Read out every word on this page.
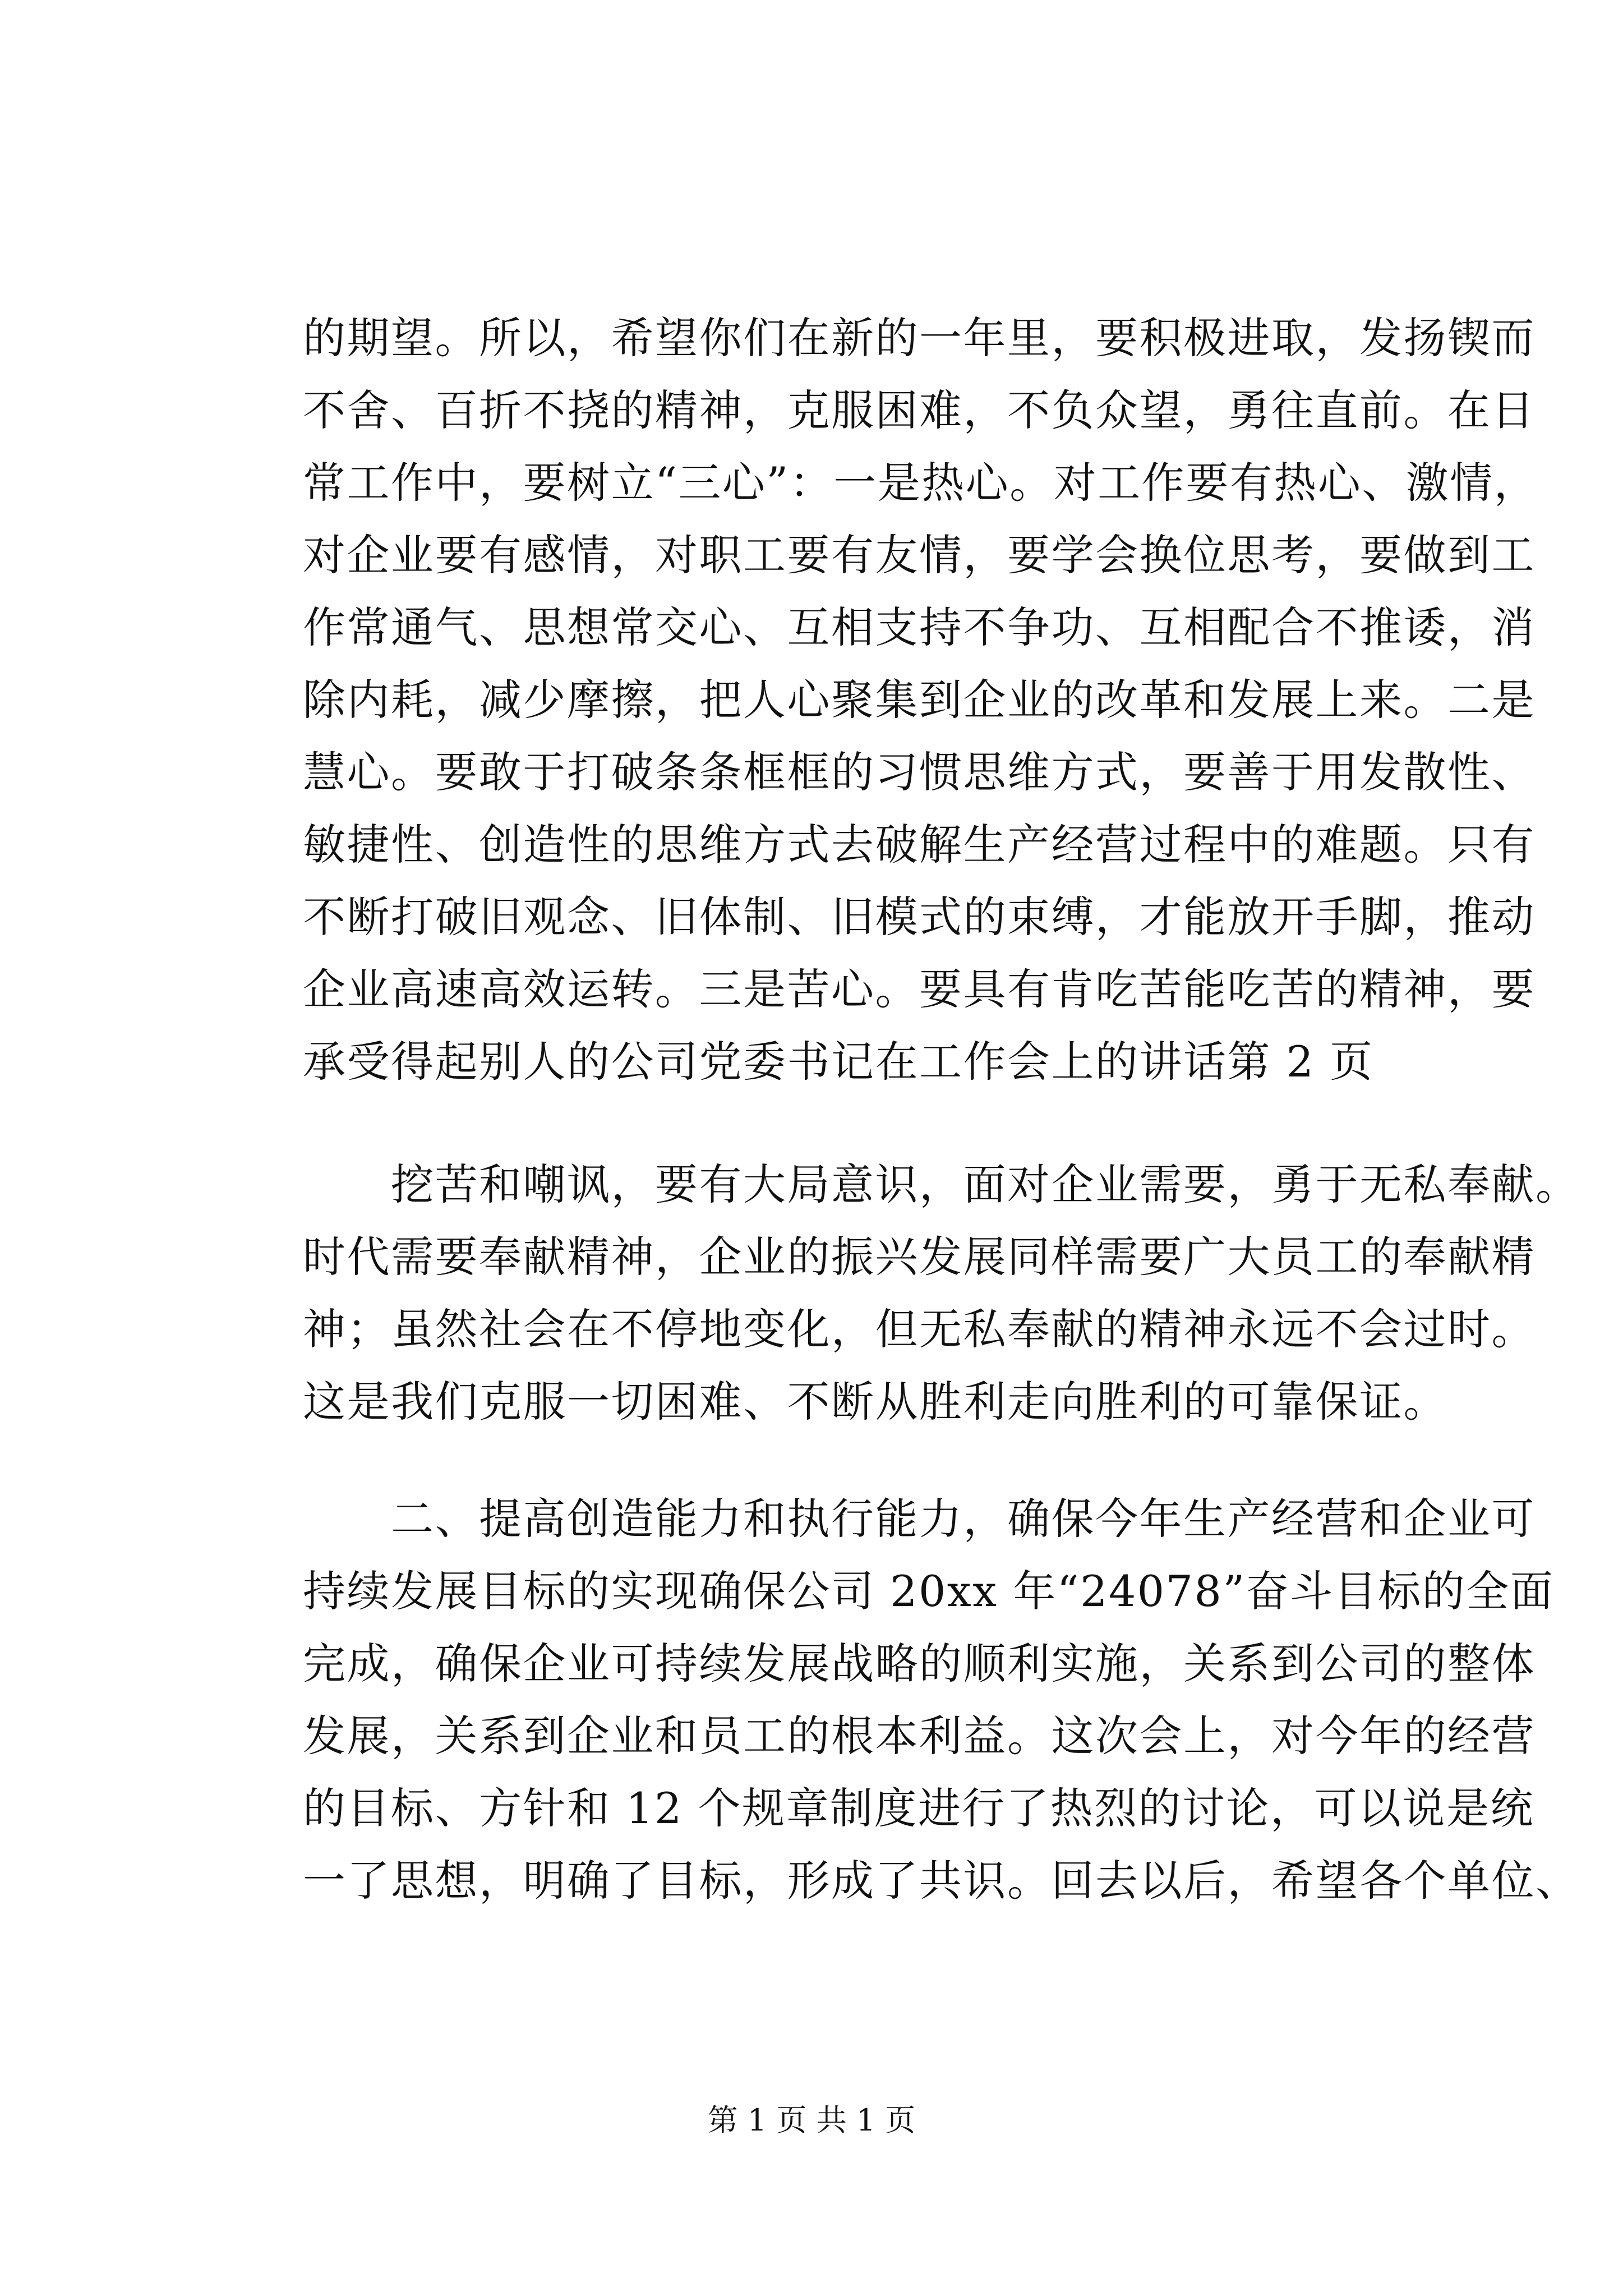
的期望。所以，希望你们在新的一年里，要积极进取，发扬锲而
不舍、百折不挠的精神，克服困难，不负众望，勇往直前。在日
常工作中，要树立“三心”：一是热心。对工作要有热心、激情，
对企业要有感情，对职工要有友情，要学会换位思考，要做到工
作常通气、思想常交心、互相支持不争功、互相配合不推诿，消
除内耗，减少摩擦，把人心聚集到企业的改革和发展上来。二是
慧心。要敢于打破条条框框的习惯思维方式，要善于用发散性、
敏捷性、创造性的思维方式去破解生产经营过程中的难题。只有
不断打破旧观念、旧体制、旧模式的束缚，才能放开手脚，推动
企业高速高效运转。三是苦心。要具有肯吃苦能吃苦的精神，要
承受得起别人的公司党委书记在工作会上的讲话第 2 页
　　挖苦和嘲讽，要有大局意识，面对企业需要，勇于无私奉献。
时代需要奉献精神，企业的振兴发展同样需要广大员工的奉献精
神；虽然社会在不停地变化，但无私奉献的精神永远不会过时。
这是我们克服一切困难、不断从胜利走向胜利的可靠保证。
　　二、提高创造能力和执行能力，确保今年生产经营和企业可
持续发展目标的实现确保公司 20xx 年“24078”奋斗目标的全面
完成，确保企业可持续发展战略的顺利实施，关系到公司的整体
发展，关系到企业和员工的根本利益。这次会上，对今年的经营
的目标、方针和 12 个规章制度进行了热烈的讨论，可以说是统
一了思想，明确了目标，形成了共识。回去以后，希望各个单位、
第 1 页 共 1 页
